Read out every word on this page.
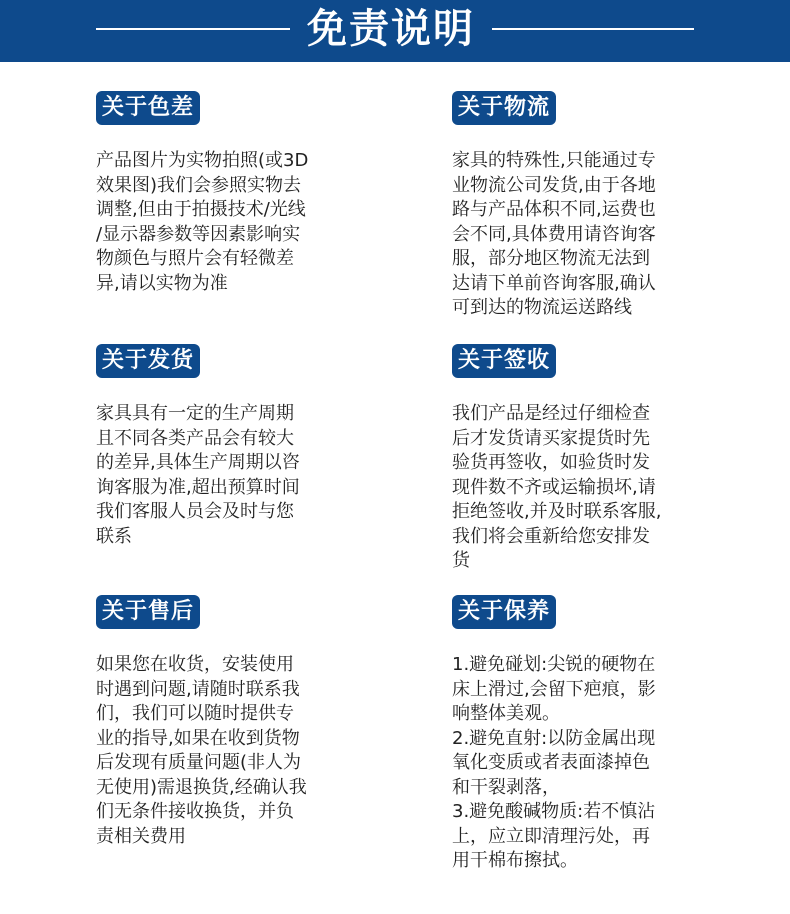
免责说明
关于色差
产品图片为实物拍照(或3D
效果图)我们会参照实物去
调整,但由于拍摄技术/光线
/显示器参数等因素影响实
物颜色与照片会有轻微差
异,请以实物为准
关于物流
家具的特殊性,只能通过专
业物流公司发货,由于各地
路与产品体积不同,运费也
会不同,具体费用请咨询客
服，部分地区物流无法到
达请下单前咨询客服,确认
可到达的物流运送路线
关于发货
家具具有一定的生产周期
且不同各类产品会有较大
的差异,具体生产周期以咨
询客服为准,超出预算时间
我们客服人员会及时与您
联系
关于签收
我们产品是经过仔细检查
后才发货请买家提货时先
验货再签收，如验货时发
现件数不齐或运输损坏,请
拒绝签收,并及时联系客服,
我们将会重新给您安排发
货
关于售后
如果您在收货，安装使用
时遇到问题,请随时联系我
们，我们可以随时提供专
业的指导,如果在收到货物
后发现有质量问题(非人为
无使用)需退换货,经确认我
们无条件接收换货，并负
责相关费用
关于保养
1.避免碰划:尖锐的硬物在
床上滑过,会留下疤痕，影
响整体美观。
2.避免直射:以防金属出现
氧化变质或者表面漆掉色
和干裂剥落，
3.避免酸碱物质:若不慎沾
上，应立即清理污处，再
用干棉布擦拭。
